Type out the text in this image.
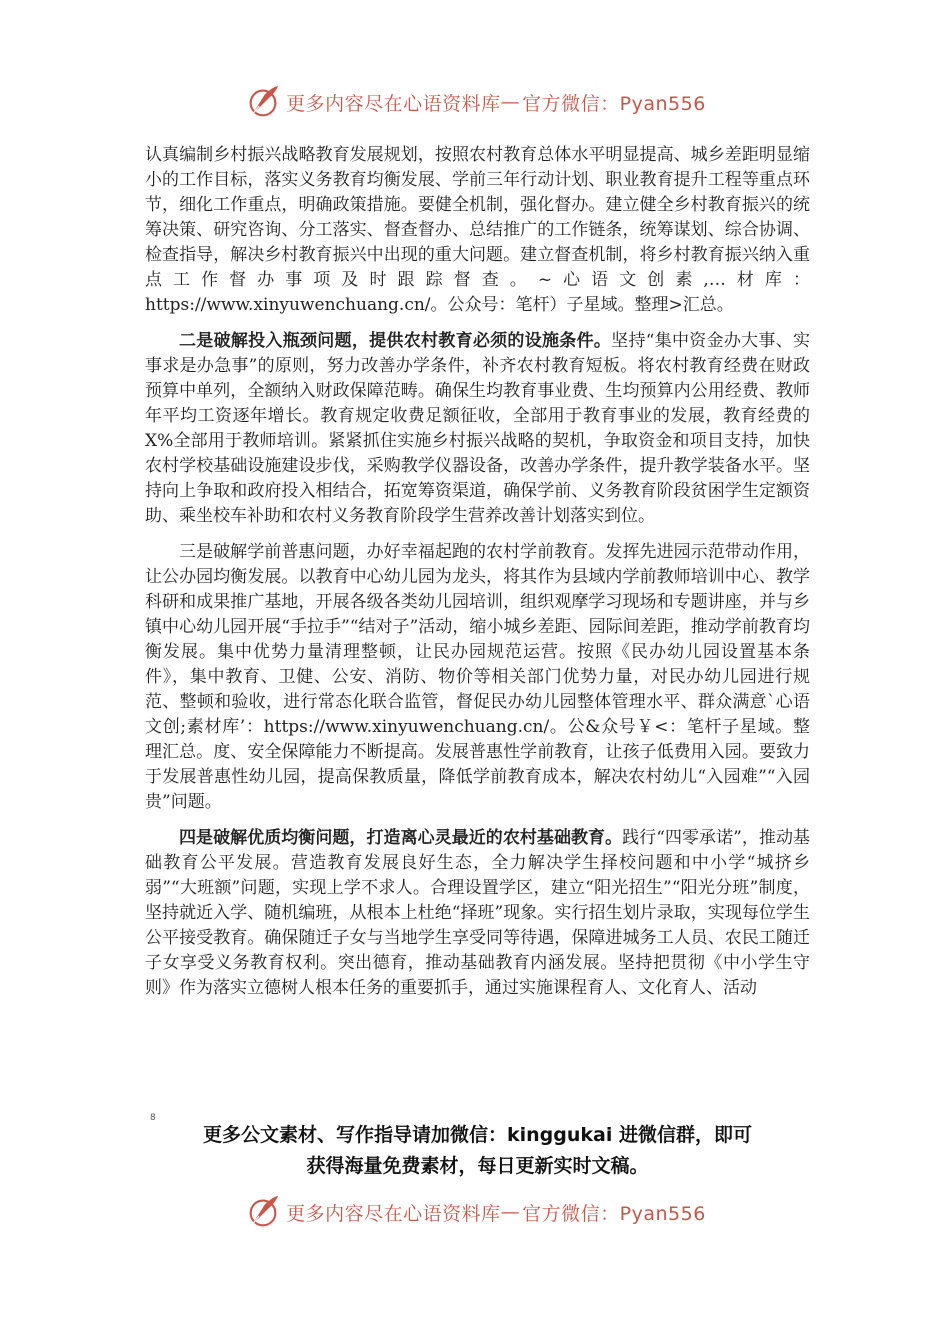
更多内容尽在心语资料库 — 官方微信：Pyan556

认真编制乡村振兴战略教育发展规划，按照农村教育总体水平明显提高、城乡差距明显缩小的工作目标，落实义务教育均衡发展、学前三年行动计划、职业教育提升工程等重点环节，细化工作重点，明确政策措施。要健全机制，强化督办。建立健全乡村教育振兴的统筹决策、研究咨询、分工落实、督查督办、总结推广的工作链条，统筹谋划、综合协调、检查指导，解决乡村教育振兴中出现的重大问题。建立督查机制，将乡村教育振兴纳入重点工作督办事项及时跟踪督查。~心语文创素,…材库：https://www.xinyuwenchuang.cn/。公众号：笔杆）子星域。整理>汇总。

二是破解投入瓶颈问题，提供农村教育必须的设施条件。坚持“集中资金办大事、实事求是办急事”的原则，努力改善办学条件，补齐农村教育短板。将农村教育经费在财政预算中单列，全额纳入财政保障范畴。确保生均教育事业费、生均预算内公用经费、教师年平均工资逐年增长。教育规定收费足额征收，全部用于教育事业的发展，教育经费的X%全部用于教师培训。紧紧抓住实施乡村振兴战略的契机，争取资金和项目支持，加快农村学校基础设施建设步伐，采购教学仪器设备，改善办学条件，提升教学装备水平。坚持向上争取和政府投入相结合，拓宽筹资渠道，确保学前、义务教育阶段贫困学生定额资助、乘坐校车补助和农村义务教育阶段学生营养改善计划落实到位。

三是破解学前普惠问题，办好幸福起跑的农村学前教育。发挥先进园示范带动作用，让公办园均衡发展。以教育中心幼儿园为龙头，将其作为县域内学前教师培训中心、教学科研和成果推广基地，开展各级各类幼儿园培训，组织观摩学习现场和专题讲座，并与乡镇中心幼儿园开展“手拉手”“结对子”活动，缩小城乡差距、园际间差距，推动学前教育均衡发展。集中优势力量清理整顿，让民办园规范运营。按照《民办幼儿园设置基本条件》，集中教育、卫健、公安、消防、物价等相关部门优势力量，对民办幼儿园进行规范、整顿和验收，进行常态化联合监管，督促民办幼儿园整体管理水平、群众满意`心语文创;素材库’：https://www.xinyuwenchuang.cn/。公&众号￥<：笔杆子星域。整理汇总。度、安全保障能力不断提高。发展普惠性学前教育，让孩子低费用入园。要致力于发展普惠性幼儿园，提高保教质量，降低学前教育成本，解决农村幼儿“入园难”“入园贵”问题。

四是破解优质均衡问题，打造离心灵最近的农村基础教育。践行“四零承诺”，推动基础教育公平发展。营造教育发展良好生态，全力解决学生择校问题和中小学“城挤乡弱”“大班额”问题，实现上学不求人。合理设置学区，建立“阳光招生”“阳光分班”制度，坚持就近入学、随机编班，从根本上杜绝“择班”现象。实行招生划片录取，实现每位学生公平接受教育。确保随迁子女与当地学生享受同等待遇，保障进城务工人员、农民工随迁子女享受义务教育权利。突出德育，推动基础教育内涵发展。坚持把贯彻《中小学生守则》作为落实立德树人根本任务的重要抓手，通过实施课程育人、文化育人、活动

8
更多公文素材、写作指导请加微信：kinggukai 进微信群，即可
获得海量免费素材，每日更新实时文稿。
更多内容尽在心语资料库 — 官方微信：Pyan556
